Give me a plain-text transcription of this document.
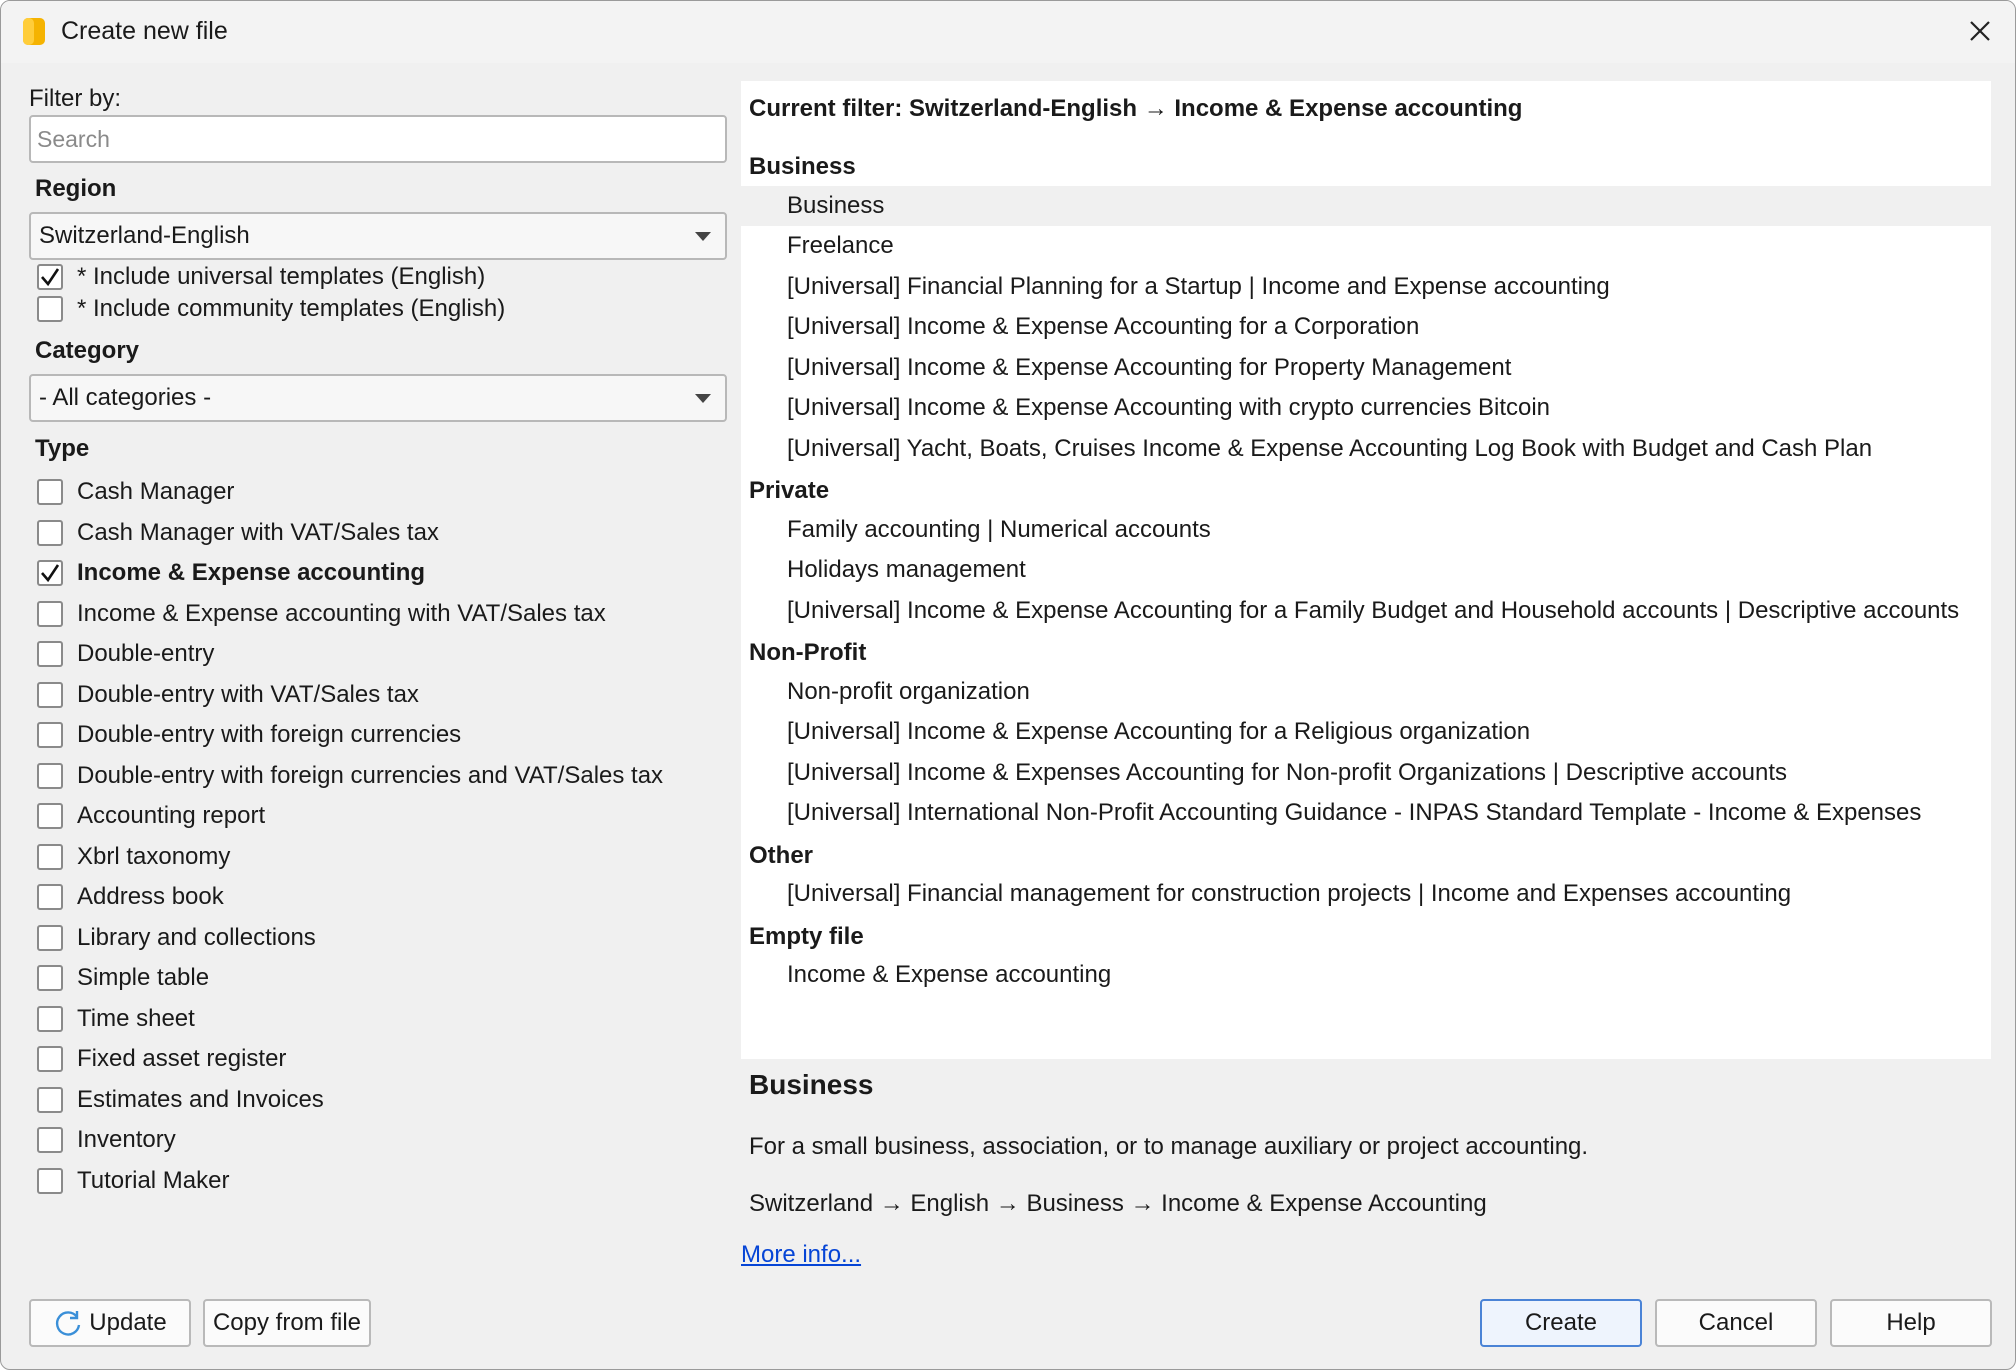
Create new file
Filter by:
Search
Region
Switzerland-English
* Include universal templates (English)
* Include community templates (English)
Category
- All categories -
Type
Cash Manager
Cash Manager with VAT/Sales tax
Income & Expense accounting
Income & Expense accounting with VAT/Sales tax
Double-entry
Double-entry with VAT/Sales tax
Double-entry with foreign currencies
Double-entry with foreign currencies and VAT/Sales tax
Accounting report
Xbrl taxonomy
Address book
Library and collections
Simple table
Time sheet
Fixed asset register
Estimates and Invoices
Inventory
Tutorial Maker
Current filter: Switzerland-English → Income & Expense accounting
Business
Business
Freelance
[Universal] Financial Planning for a Startup | Income and Expense accounting
[Universal] Income & Expense Accounting for a Corporation
[Universal] Income & Expense Accounting for Property Management
[Universal] Income & Expense Accounting with crypto currencies Bitcoin
[Universal] Yacht, Boats, Cruises Income & Expense Accounting Log Book with Budget and Cash Plan
Private
Family accounting | Numerical accounts
Holidays management
[Universal] Income & Expense Accounting for a Family Budget and Household accounts | Descriptive accounts
Non-Profit
Non-profit organization
[Universal] Income & Expense Accounting for a Religious organization
[Universal] Income & Expenses Accounting for Non-profit Organizations | Descriptive accounts
[Universal] International Non-Profit Accounting Guidance - INPAS Standard Template - Income & Expenses
Other
[Universal] Financial management for construction projects | Income and Expenses accounting
Empty file
Income & Expense accounting
Business
For a small business, association, or to manage auxiliary or project accounting.
Switzerland → English → Business → Income & Expense Accounting
More info...
Update	Copy from file	Create	Cancel	Help
